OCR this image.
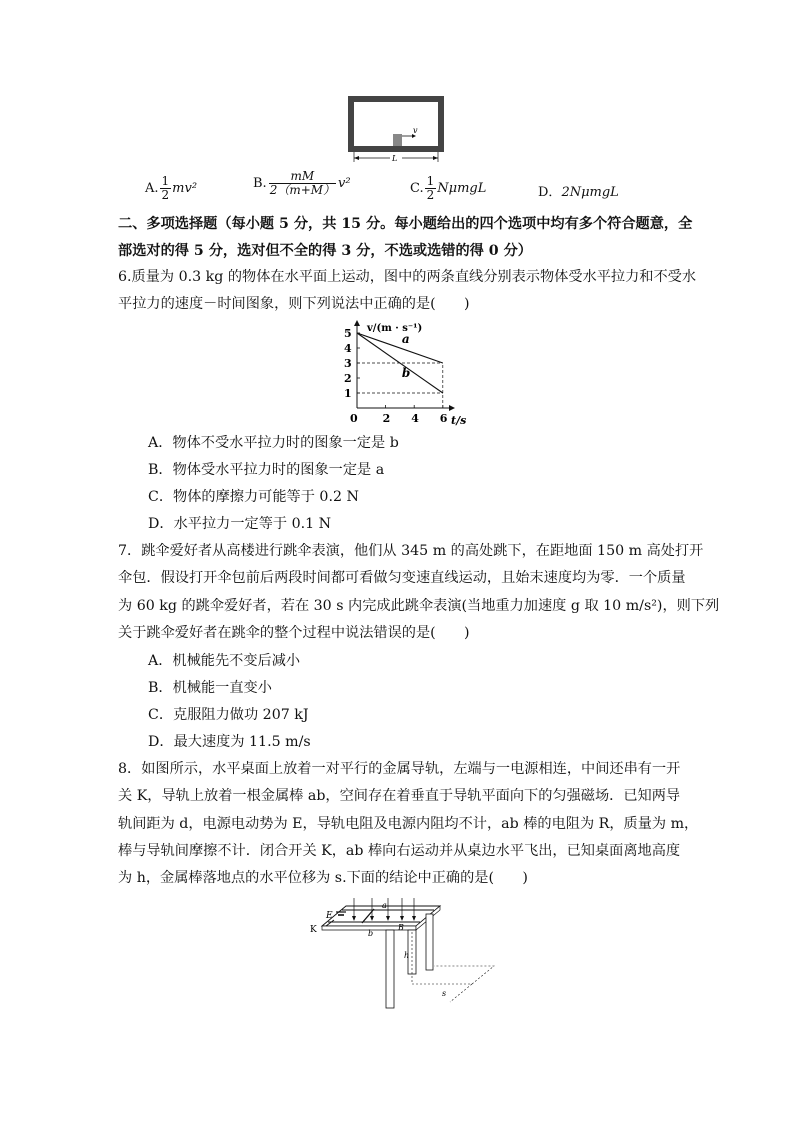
v
L
A. $\frac{1}{2} mv^2$	B. $\frac{mM}{2(m+M)} v^2$	C. $\frac{1}{2}$ NμmgL	D．2NμmgL
二、多项选择题（每小题 5 分，共 15 分。每小题给出的四个选项中均有多个符合题意，全
部选对的得 5 分，选对但不全的得 3 分，不选或选错的得 0 分）
6.质量为 0.3 kg 的物体在水平面上运动，图中的两条直线分别表示物体受水平拉力和不受水
平拉力的速度－时间图象，则下列说法中正确的是(　　)
v/(m · s⁻¹)
t/s
0
1
2
3
4
5
2 4 6
a
b
A．物体不受水平拉力时的图象一定是 b
B．物体受水平拉力时的图象一定是 a
C．物体的摩擦力可能等于 0.2 N
D．水平拉力一定等于 0.1 N
7．跳伞爱好者从高楼进行跳伞表演，他们从 345 m 的高处跳下，在距地面 150 m 高处打开
伞包．假设打开伞包前后两段时间都可看做匀变速直线运动，且始末速度均为零．一个质量
为 60 kg 的跳伞爱好者，若在 30 s 内完成此跳伞表演(当地重力加速度 g 取 10 m/s²)，则下列
关于跳伞爱好者在跳伞的整个过程中说法错误的是(　　)
A．机械能先不变后减小
B．机械能一直变小
C．克服阻力做功 207 kJ
D．最大速度为 11.5 m/s
8．如图所示，水平桌面上放着一对平行的金属导轨，左端与一电源相连，中间还串有一开
关 K，导轨上放着一根金属棒 ab，空间存在着垂直于导轨平面向下的匀强磁场．已知两导
轨间距为 d，电源电动势为 E，导轨电阻及电源内阻均不计，ab 棒的电阻为 R，质量为 m，
棒与导轨间摩擦不计．闭合开关 K，ab 棒向右运动并从桌边水平飞出，已知桌面离地高度
为 h，金属棒落地点的水平位移为 s.下面的结论中正确的是(　　)
E
K
a
b
B
h
s
